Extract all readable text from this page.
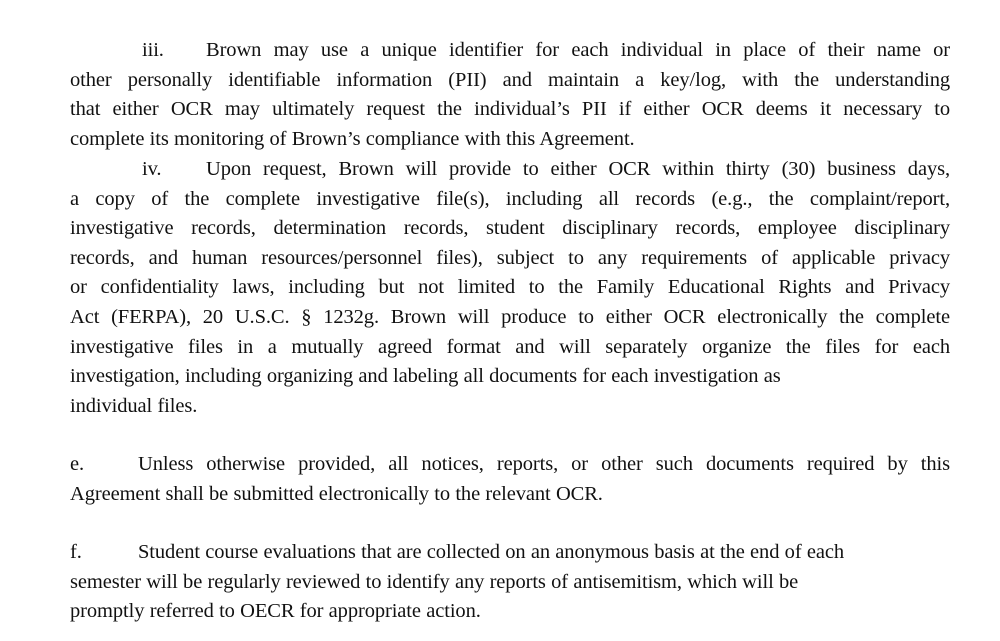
iii. Brown may use a unique identifier for each individual in place of their name or
other personally identifiable information (PII) and maintain a key/log, with the understanding
that either OCR may ultimately request the individual’s PII if either OCR deems it necessary to
complete its monitoring of Brown’s compliance with this Agreement.
iv. Upon request, Brown will provide to either OCR within thirty (30) business days,
a copy of the complete investigative file(s), including all records (e.g., the complaint/report,
investigative records, determination records, student disciplinary records, employee disciplinary
records, and human resources/personnel files), subject to any requirements of applicable privacy
or confidentiality laws, including but not limited to the Family Educational Rights and Privacy
Act (FERPA), 20 U.S.C. § 1232g. Brown will produce to either OCR electronically the complete
investigative files in a mutually agreed format and will separately organize the files for each
investigation, including organizing and labeling all documents for each investigation as
individual files.
e.	Unless otherwise provided, all notices, reports, or other such documents required by this
Agreement shall be submitted electronically to the relevant OCR.
f.	Student course evaluations that are collected on an anonymous basis at the end of each
semester will be regularly reviewed to identify any reports of antisemitism, which will be
promptly referred to OECR for appropriate action.
